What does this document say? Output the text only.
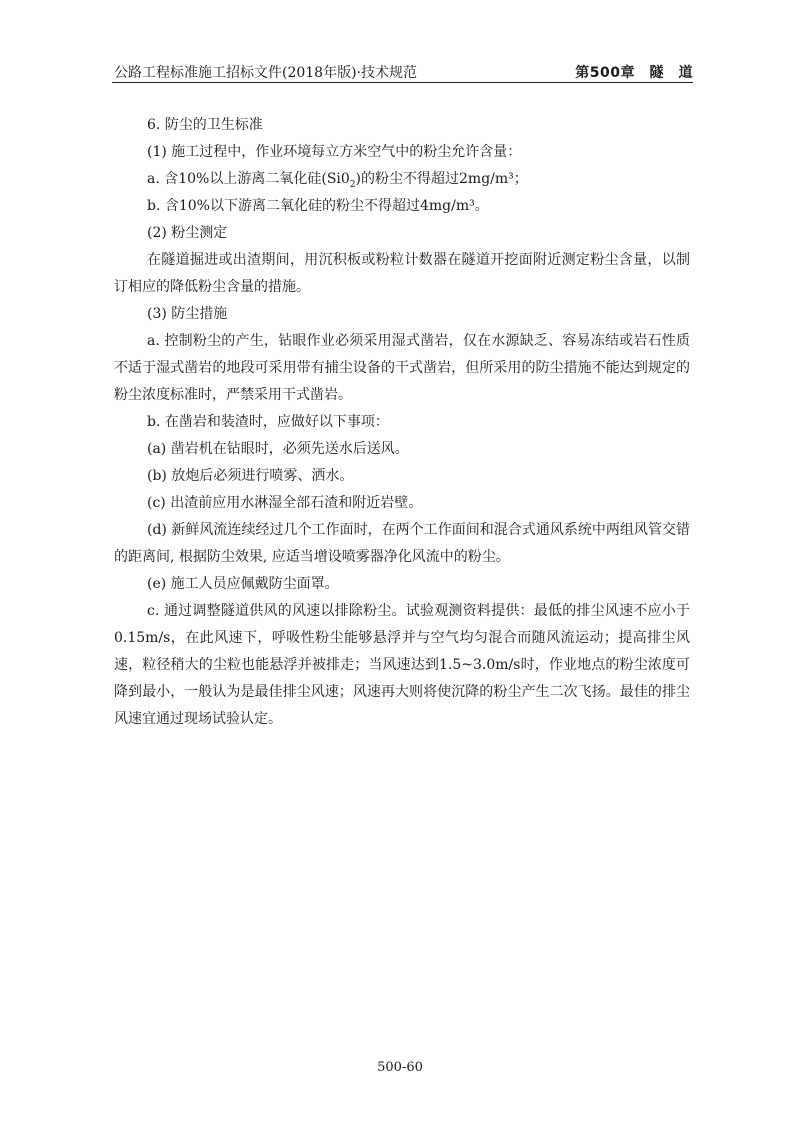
公路工程标准施工招标文件(2018年版)·技术规范	第500章　隧　道

6. 防尘的卫生标准

(1) 施工过程中，作业环境每立方米空气中的粉尘允许含量：

a. 含10%以上游离二氧化硅$(Si0_2)$的粉尘不得超过2mg/m³；

b. 含10%以下游离二氧化硅的粉尘不得超过4mg/m³。

(2) 粉尘测定

在隧道掘进或出渣期间，用沉积板或粉粒计数器在隧道开挖面附近测定粉尘含量，以制订相应的降低粉尘含量的措施。

(3) 防尘措施

a. 控制粉尘的产生，钻眼作业必须采用湿式凿岩，仅在水源缺乏、容易冻结或岩石性质不适于湿式凿岩的地段可采用带有捕尘设备的干式凿岩，但所采用的防尘措施不能达到规定的粉尘浓度标准时，严禁采用干式凿岩。

b. 在凿岩和装渣时，应做好以下事项：

(a) 凿岩机在钻眼时，必须先送水后送风。

(b) 放炮后必须进行喷雾、洒水。

(c) 出渣前应用水淋湿全部石渣和附近岩壁。

(d) 新鲜风流连续经过几个工作面时，在两个工作面间和混合式通风系统中两组风管交错的距离间, 根据防尘效果, 应适当增设喷雾器净化风流中的粉尘。

(e) 施工人员应佩戴防尘面罩。

c. 通过调整隧道供风的风速以排除粉尘。试验观测资料提供：最低的排尘风速不应小于0.15m/s，在此风速下，呼吸性粉尘能够悬浮并与空气均匀混合而随风流运动；提高排尘风速，粒径稍大的尘粒也能悬浮并被排走；当风速达到1.5~3.0m/s时，作业地点的粉尘浓度可降到最小，一般认为是最佳排尘风速；风速再大则将使沉降的粉尘产生二次飞扬。最佳的排尘风速宜通过现场试验认定。

500-60
